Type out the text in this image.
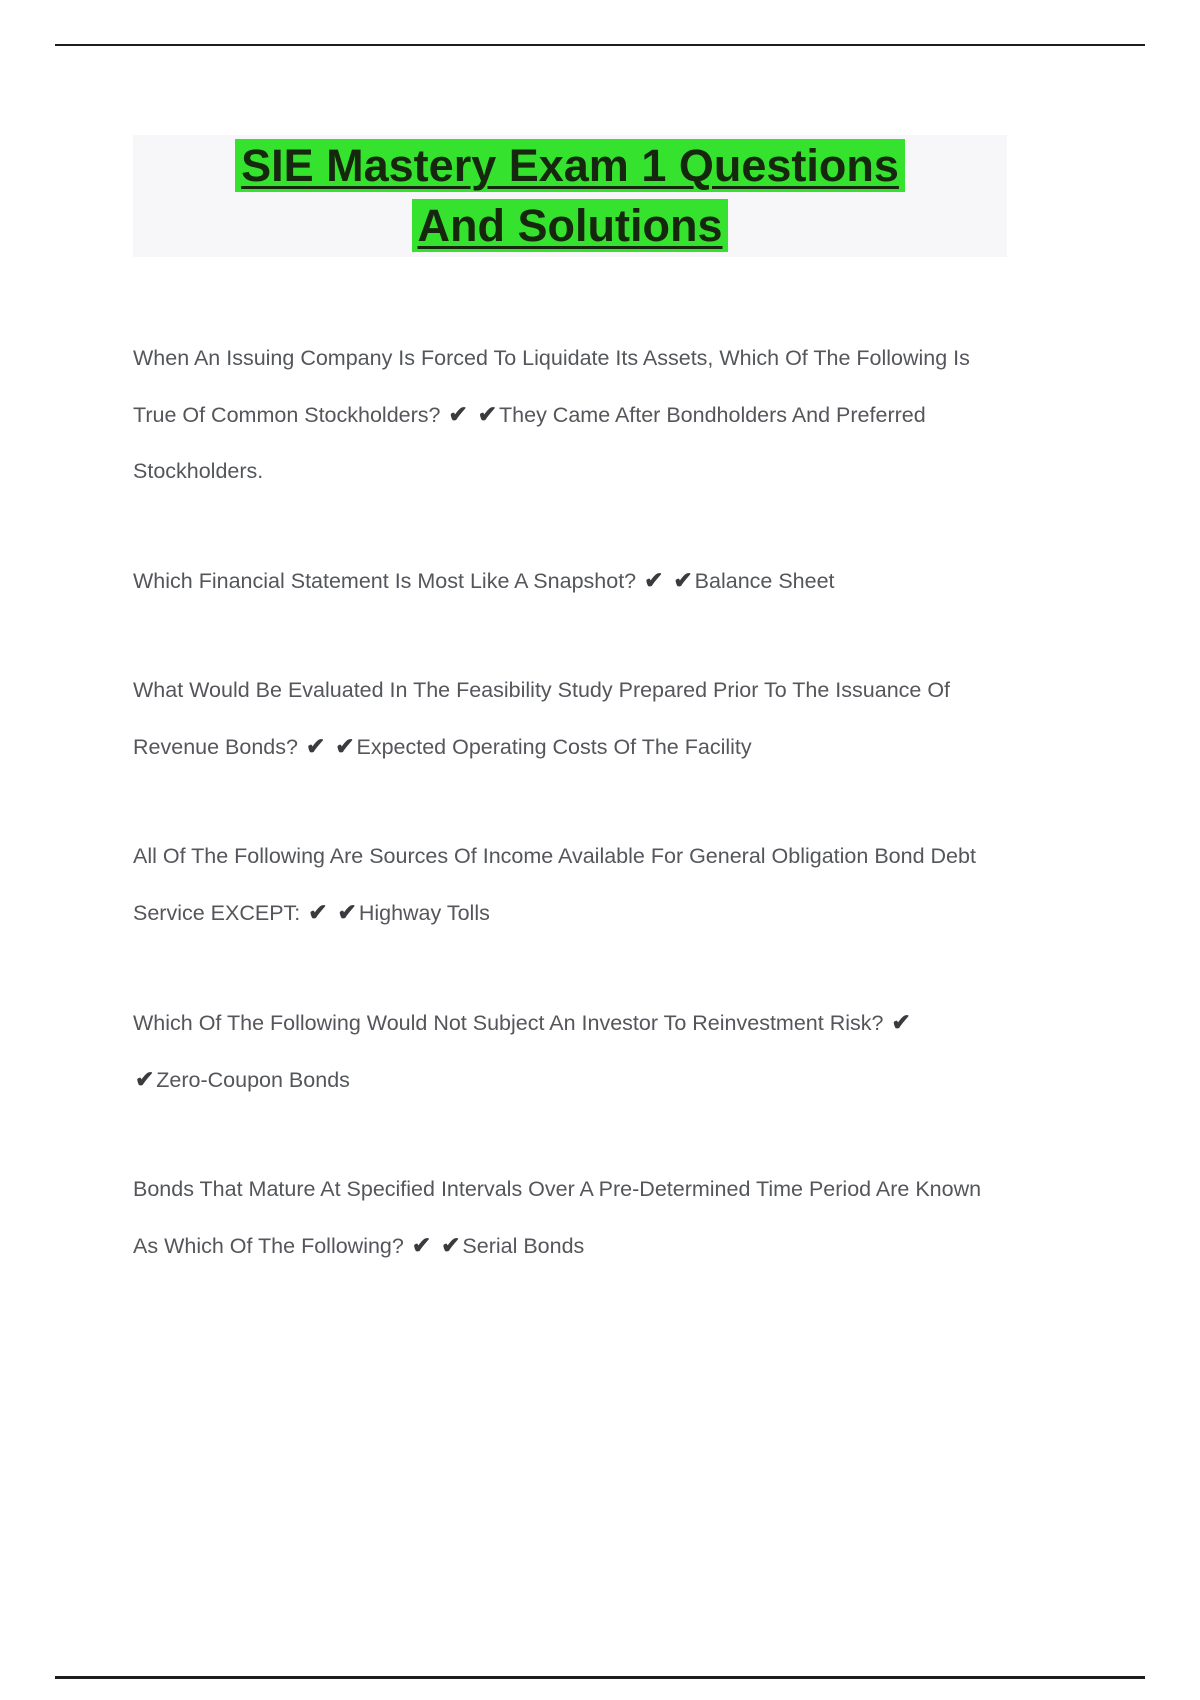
SIE Mastery Exam 1 Questions
And Solutions

When An Issuing Company Is Forced To Liquidate Its Assets, Which Of The Following Is True Of Common Stockholders? ✔ ✔They Came After Bondholders And Preferred Stockholders.

Which Financial Statement Is Most Like A Snapshot? ✔ ✔Balance Sheet

What Would Be Evaluated In The Feasibility Study Prepared Prior To The Issuance Of Revenue Bonds? ✔ ✔Expected Operating Costs Of The Facility

All Of The Following Are Sources Of Income Available For General Obligation Bond Debt Service EXCEPT: ✔ ✔Highway Tolls

Which Of The Following Would Not Subject An Investor To Reinvestment Risk? ✔ ✔Zero-Coupon Bonds

Bonds That Mature At Specified Intervals Over A Pre-Determined Time Period Are Known As Which Of The Following? ✔ ✔Serial Bonds
